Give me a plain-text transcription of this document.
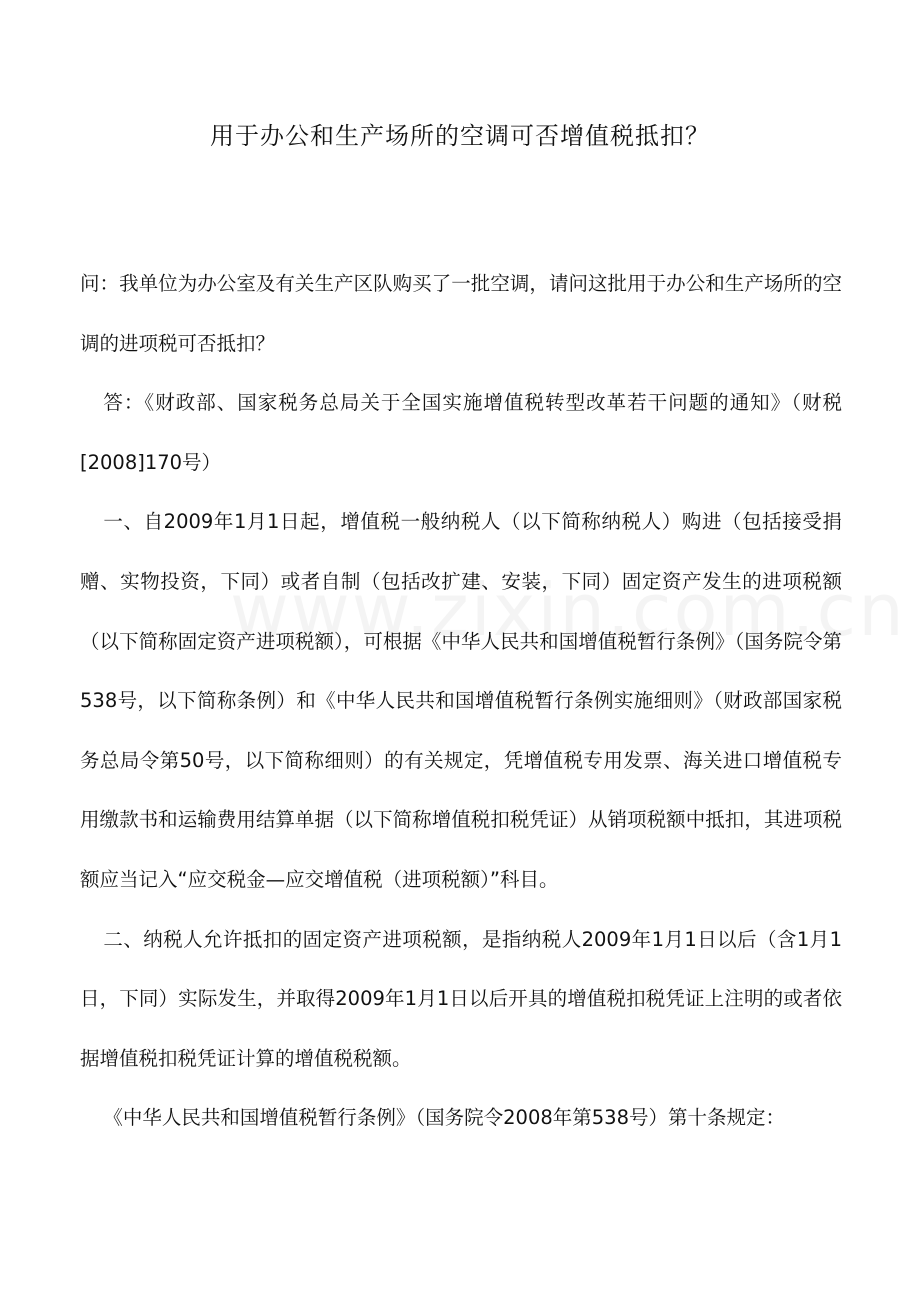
用于办公和生产场所的空调可否增值税抵扣？

问：我单位为办公室及有关生产区队购买了一批空调，请问这批用于办公和生产场所的空调的进项税可否抵扣？

答：《财政部、国家税务总局关于全国实施增值税转型改革若干问题的通知》（财税[2008]170号）

一、自2009年1月1日起，增值税一般纳税人（以下简称纳税人）购进（包括接受捐赠、实物投资，下同）或者自制（包括改扩建、安装，下同）固定资产发生的进项税额（以下简称固定资产进项税额），可根据《中华人民共和国增值税暂行条例》（国务院令第538号，以下简称条例）和《中华人民共和国增值税暂行条例实施细则》（财政部国家税务总局令第50号，以下简称细则）的有关规定，凭增值税专用发票、海关进口增值税专用缴款书和运输费用结算单据（以下简称增值税扣税凭证）从销项税额中抵扣，其进项税额应当记入“应交税金—应交增值税（进项税额）”科目。

二、纳税人允许抵扣的固定资产进项税额，是指纳税人2009年1月1日以后（含1月1日，下同）实际发生，并取得2009年1月1日以后开具的增值税扣税凭证上注明的或者依据增值税扣税凭证计算的增值税税额。

《中华人民共和国增值税暂行条例》（国务院令2008年第538号）第十条规定：
